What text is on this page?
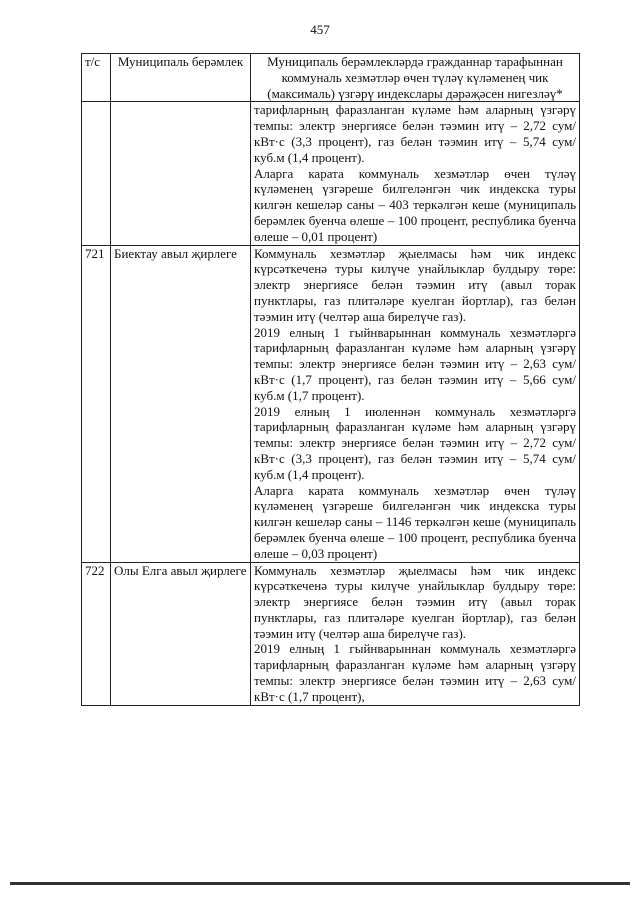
457
т/с	Муниципаль берәмлек	Муниципаль берәмлекләрдә гражданнар тарафыннан коммуналь хезмәтләр өчен түләү күләменең чик (максималь) үзгәрү индекслары дәрәҗәсен нигезләү*

		тарифларның фаразланган күләме һәм аларның үзгәрү темпы: электр энергиясе белән тәэмин итү – 2,72 сум/кВт·с (3,3 процент), газ белән тәэмин итү – 5,74 сум/куб.м (1,4 процент).

Аларга карата коммуналь хезмәтләр өчен түләү күләменең үзгәреше билгеләнгән чик индекска туры килгән кешеләр саны – 403 теркәлгән кеше (муниципаль берәмлек буенча өлеше – 100 процент, республика буенча өлеше – 0,01 процент)

721	Биектау авыл җирлеге	Коммуналь хезмәтләр җыелмасы һәм чик индекс күрсәткеченә туры килүче унайлыклар булдыру төре: электр энергиясе белән тәэмин итү (авыл торак пунктлары, газ плитәләре куелган йортлар), газ белән тәэмин итү (челтәр аша бирелүче газ).

2019 елның 1 гыйнварыннан коммуналь хезмәтләргә тарифларның фаразланган күләме һәм аларның үзгәрү темпы: электр энергиясе белән тәэмин итү – 2,63 сум/кВт·с (1,7 процент), газ белән тәэмин итү – 5,66 сум/куб.м (1,7 процент).

2019 елның 1 июленнән коммуналь хезмәтләргә тарифларның фаразланган күләме һәм аларның үзгәрү темпы: электр энергиясе белән тәэмин итү – 2,72 сум/кВт·с (3,3 процент), газ белән тәэмин итү – 5,74 сум/куб.м (1,4 процент).

Аларга карата коммуналь хезмәтләр өчен түләү күләменең үзгәреше билгеләнгән чик индекска туры килгән кешеләр саны – 1146 теркәлгән кеше (муниципаль берәмлек буенча өлеше – 100 процент, республика буенча өлеше – 0,03 процент)

722	Олы Елга авыл җирлеге	Коммуналь хезмәтләр җыелмасы һәм чик индекс күрсәткеченә туры килүче унайлыклар булдыру төре: электр энергиясе белән тәэмин итү (авыл торак пунктлары, газ плитәләре куелган йортлар), газ белән тәэмин итү (челтәр аша бирелүче газ).

2019 елның 1 гыйнварыннан коммуналь хезмәтләргә тарифларның фаразланган күләме һәм аларның үзгәрү темпы: электр энергиясе белән тәэмин итү – 2,63 сум/кВт·с (1,7 процент),
